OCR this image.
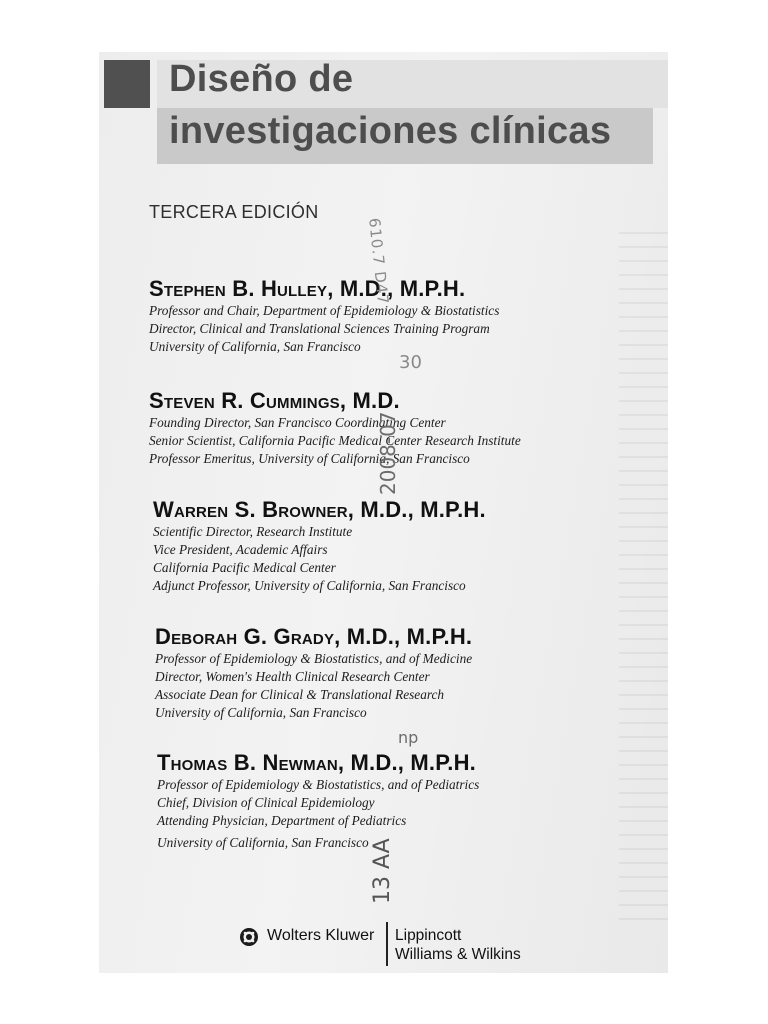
Diseño de
investigaciones clínicas
TERCERA EDICIÓN
Stephen B. Hulley, M.D., M.P.H.
Professor and Chair, Department of Epidemiology & Biostatistics
Director, Clinical and Translational Sciences Training Program
University of California, San Francisco
Steven R. Cummings, M.D.
Founding Director, San Francisco Coordinating Center
Senior Scientist, California Pacific Medical Center Research Institute
Professor Emeritus, University of California, San Francisco
Warren S. Browner, M.D., M.P.H.
Scientific Director, Research Institute
Vice President, Academic Affairs
California Pacific Medical Center
Adjunct Professor, University of California, San Francisco
Deborah G. Grady, M.D., M.P.H.
Professor of Epidemiology & Biostatistics, and of Medicine
Director, Women's Health Clinical Research Center
Associate Dean for Clinical & Translational Research
University of California, San Francisco
Thomas B. Newman, M.D., M.P.H.
Professor of Epidemiology & Biostatistics, and of Pediatrics
Chief, Division of Clinical Epidemiology
Attending Physician, Department of Pediatrics
University of California, San Francisco
610.7 D47
30
2008-07
np
13 AA
Wolters Kluwer Lippincott
Williams & Wilkins
